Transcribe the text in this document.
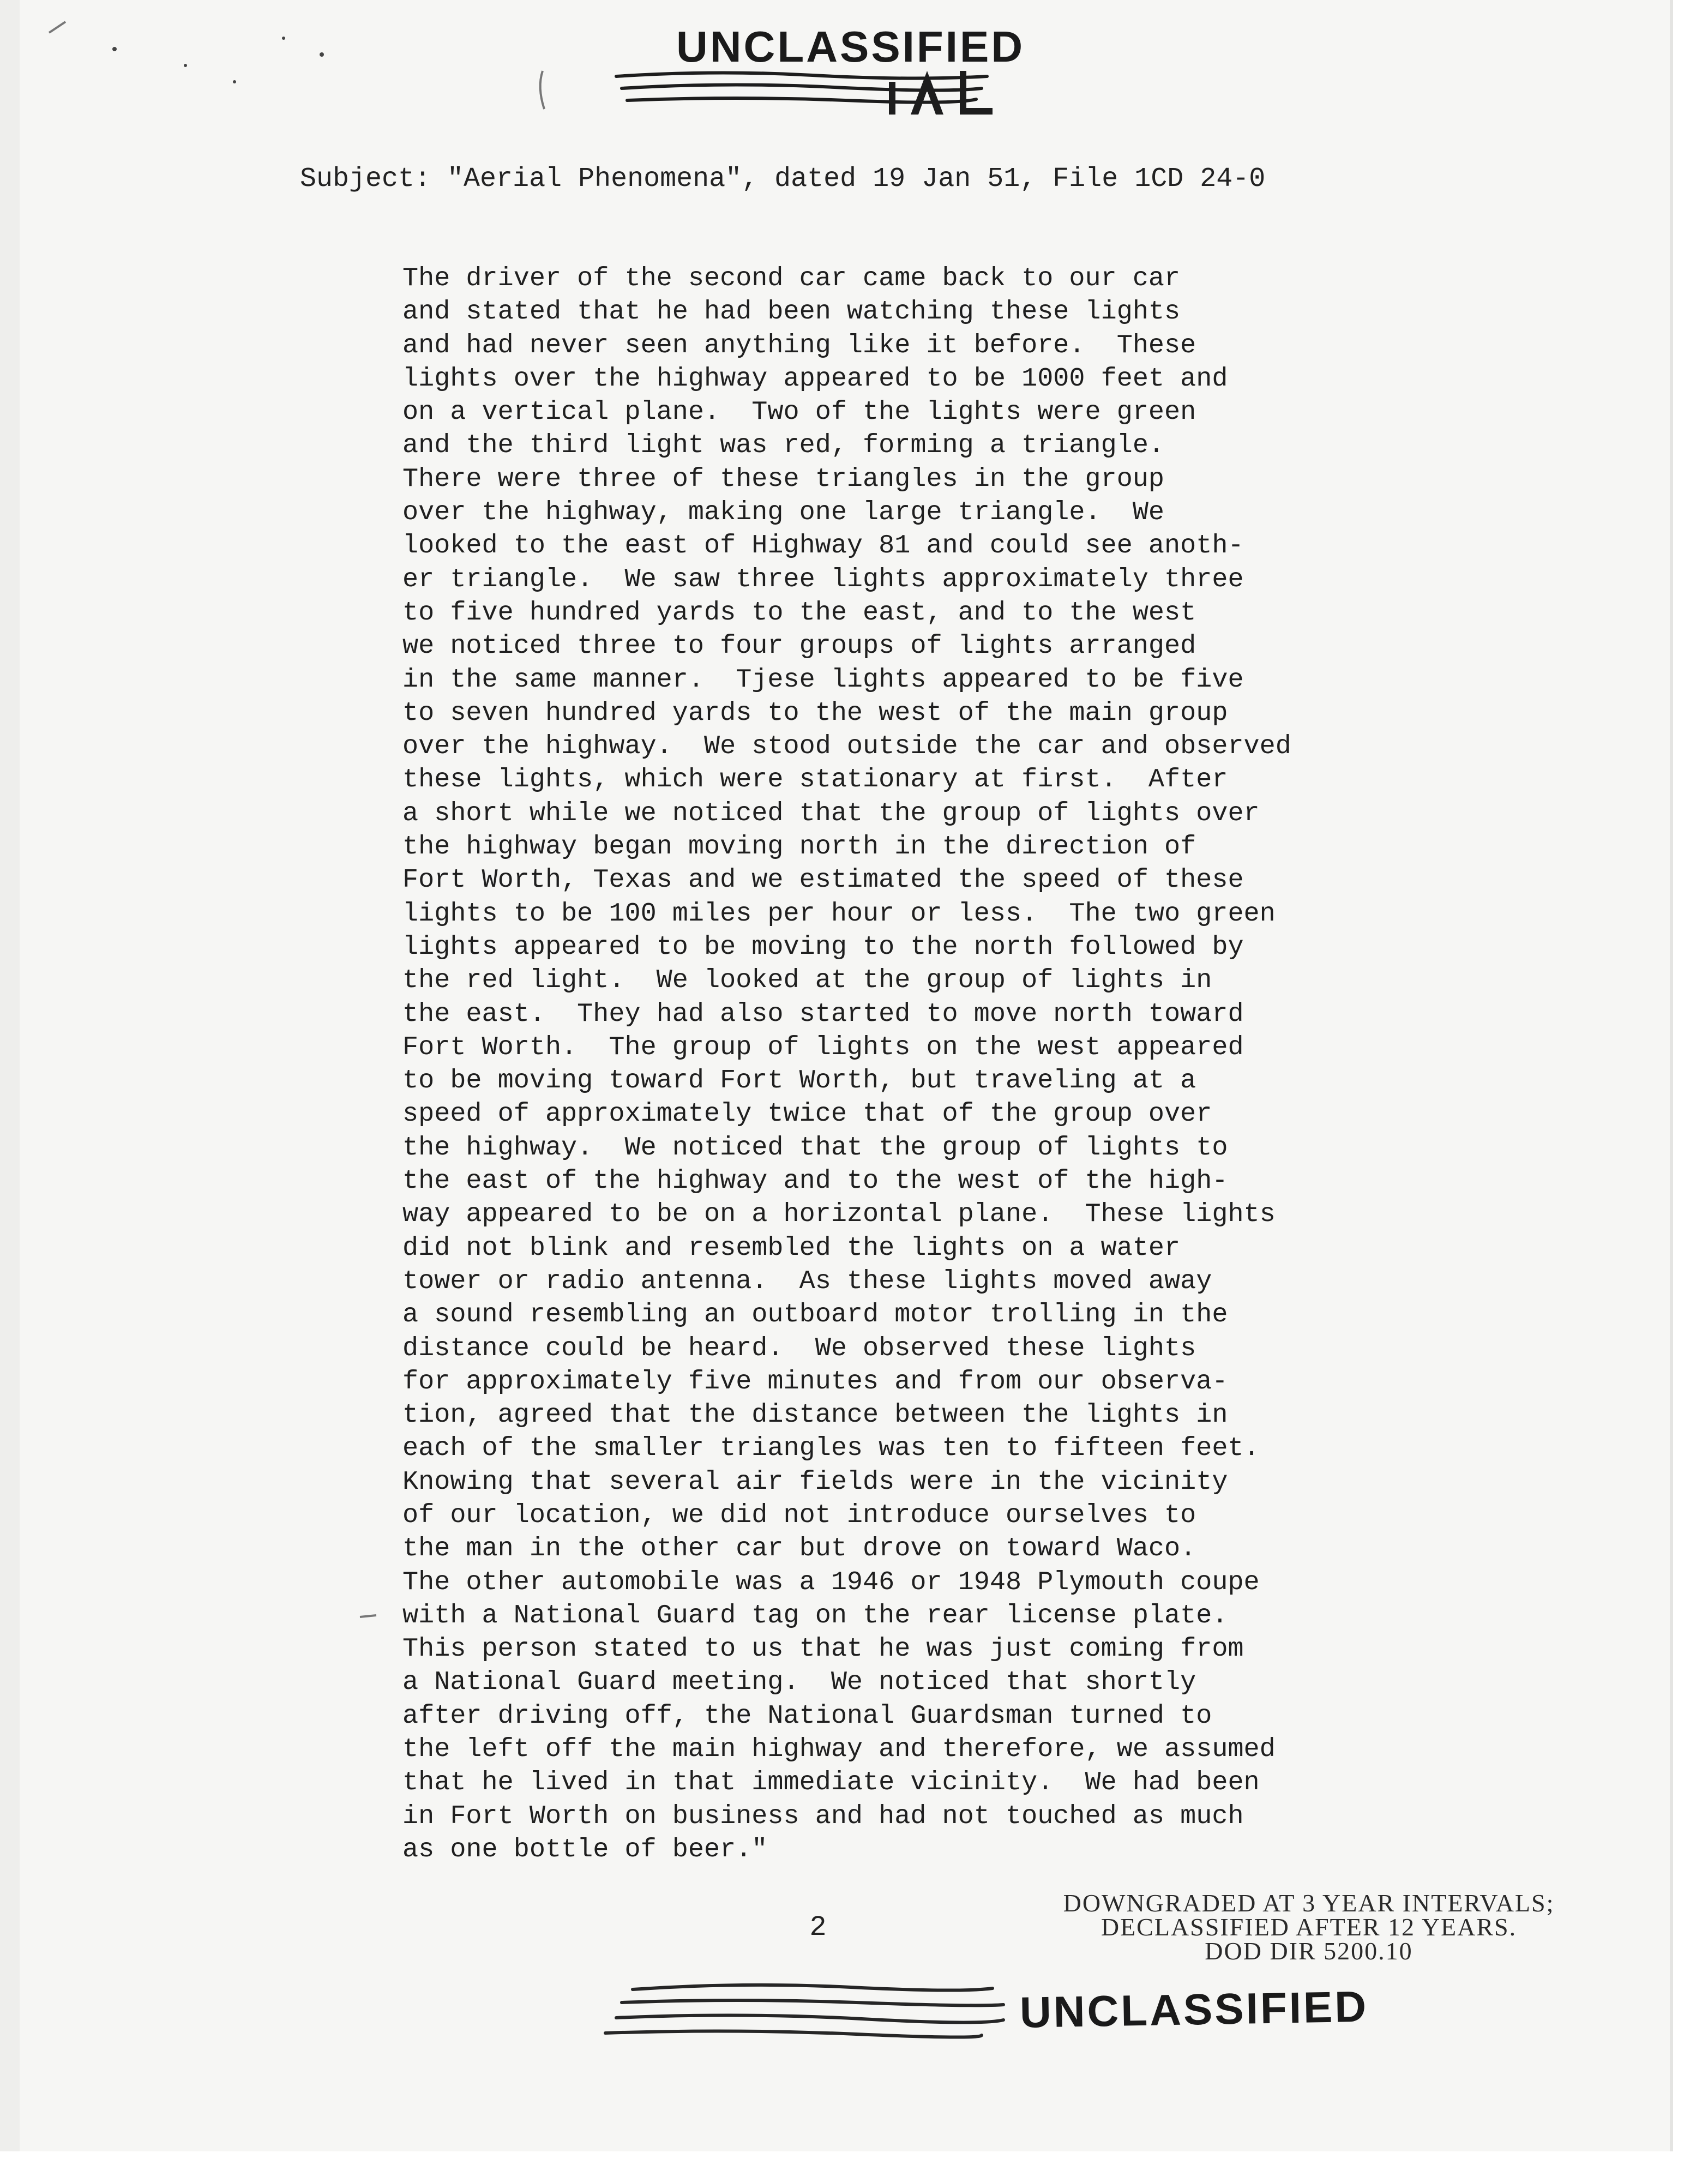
UNCLASSIFIED
Subject: "Aerial Phenomena", dated 19 Jan 51, File 1CD 24-0
The driver of the second car came back to our car
and stated that he had been watching these lights
and had never seen anything like it before.  These
lights over the highway appeared to be 1000 feet and
on a vertical plane.  Two of the lights were green
and the third light was red, forming a triangle.
There were three of these triangles in the group
over the highway, making one large triangle.  We
looked to the east of Highway 81 and could see anoth-
er triangle.  We saw three lights approximately three
to five hundred yards to the east, and to the west
we noticed three to four groups of lights arranged
in the same manner.  Tjese lights appeared to be five
to seven hundred yards to the west of the main group
over the highway.  We stood outside the car and observed
these lights, which were stationary at first.  After
a short while we noticed that the group of lights over
the highway began moving north in the direction of
Fort Worth, Texas and we estimated the speed of these
lights to be 100 miles per hour or less.  The two green
lights appeared to be moving to the north followed by
the red light.  We looked at the group of lights in
the east.  They had also started to move north toward
Fort Worth.  The group of lights on the west appeared
to be moving toward Fort Worth, but traveling at a
speed of approximately twice that of the group over
the highway.  We noticed that the group of lights to
the east of the highway and to the west of the high-
way appeared to be on a horizontal plane.  These lights
did not blink and resembled the lights on a water
tower or radio antenna.  As these lights moved away
a sound resembling an outboard motor trolling in the
distance could be heard.  We observed these lights
for approximately five minutes and from our observa-
tion, agreed that the distance between the lights in
each of the smaller triangles was ten to fifteen feet.
Knowing that several air fields were in the vicinity
of our location, we did not introduce ourselves to
the man in the other car but drove on toward Waco.
The other automobile was a 1946 or 1948 Plymouth coupe
with a National Guard tag on the rear license plate.
This person stated to us that he was just coming from
a National Guard meeting.  We noticed that shortly
after driving off, the National Guardsman turned to
the left off the main highway and therefore, we assumed
that he lived in that immediate vicinity.  We had been
in Fort Worth on business and had not touched as much
as one bottle of beer."
2
DOWNGRADED AT 3 YEAR INTERVALS;
DECLASSIFIED AFTER 12 YEARS.
DOD DIR 5200.10
UNCLASSIFIED
